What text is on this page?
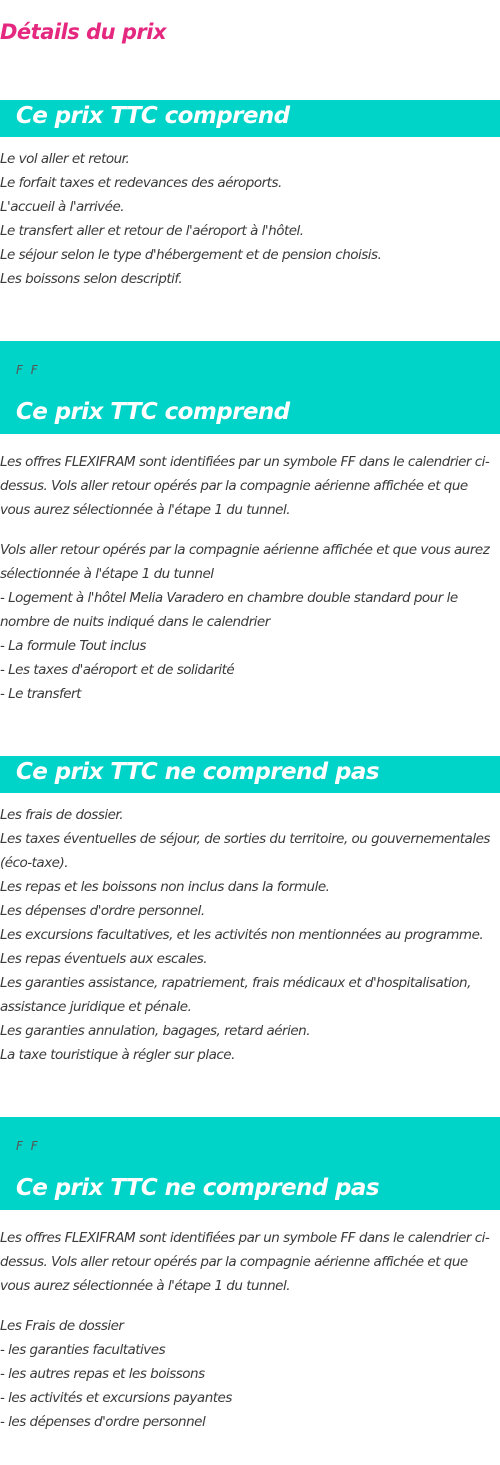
Détails du prix
Ce prix TTC comprend
Le vol aller et retour.
Le forfait taxes et redevances des aéroports.
L'accueil à l'arrivée.
Le transfert aller et retour de l'aéroport à l'hôtel.
Le séjour selon le type d'hébergement et de pension choisis.
Les boissons selon descriptif.
F F
Ce prix TTC comprend
Les offres FLEXIFRAM sont identifiées par un symbole FF dans le calendrier ci-dessus. Vols aller retour opérés par la compagnie aérienne affichée et que vous aurez sélectionnée à l'étape 1 du tunnel.
Vols aller retour opérés par la compagnie aérienne affichée et que vous aurez sélectionnée à l'étape 1 du tunnel
- Logement à l'hôtel Melia Varadero en chambre double standard pour le nombre de nuits indiqué dans le calendrier
- La formule Tout inclus
- Les taxes d'aéroport et de solidarité
- Le transfert
Ce prix TTC ne comprend pas
Les frais de dossier.
Les taxes éventuelles de séjour, de sorties du territoire, ou gouvernementales (éco-taxe).
Les repas et les boissons non inclus dans la formule.
Les dépenses d'ordre personnel.
Les excursions facultatives, et les activités non mentionnées au programme.
Les repas éventuels aux escales.
Les garanties assistance, rapatriement, frais médicaux et d'hospitalisation, assistance juridique et pénale.
Les garanties annulation, bagages, retard aérien.
La taxe touristique à régler sur place.
F F
Ce prix TTC ne comprend pas
Les offres FLEXIFRAM sont identifiées par un symbole FF dans le calendrier ci-dessus. Vols aller retour opérés par la compagnie aérienne affichée et que vous aurez sélectionnée à l'étape 1 du tunnel.
Les Frais de dossier
- les garanties facultatives
- les autres repas et les boissons
- les activités et excursions payantes
- les dépenses d'ordre personnel
